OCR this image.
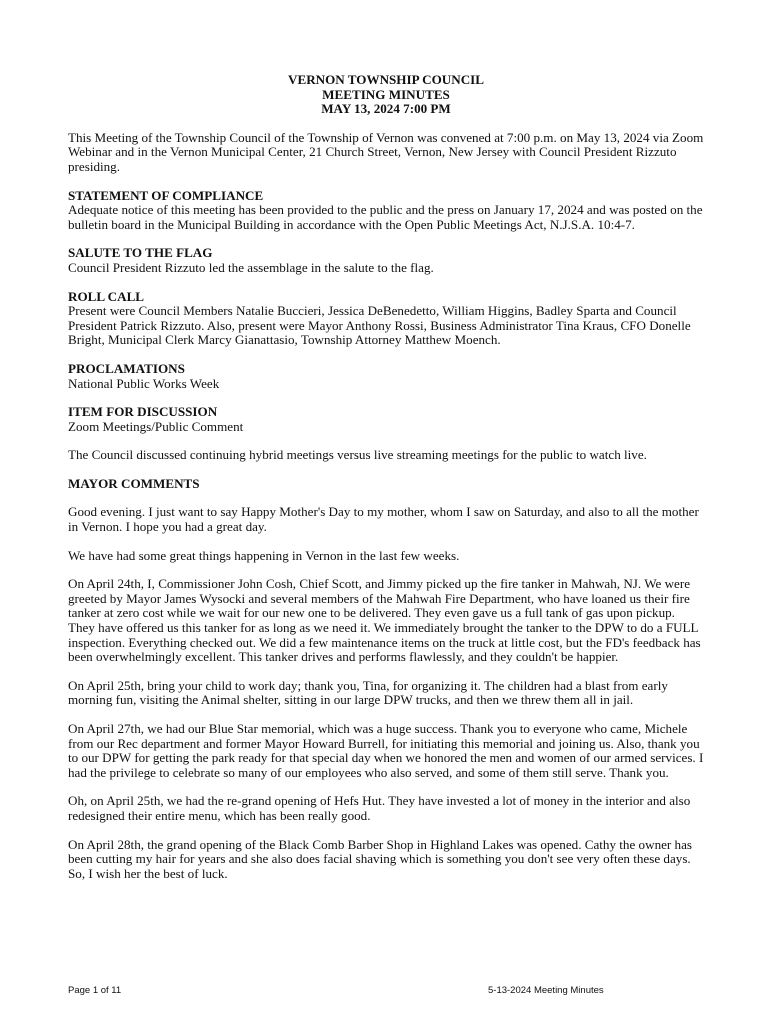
VERNON TOWNSHIP COUNCIL
MEETING MINUTES
MAY 13, 2024 7:00 PM

This Meeting of the Township Council of the Township of Vernon was convened at 7:00 p.m. on May 13, 2024 via Zoom Webinar and in the Vernon Municipal Center, 21 Church Street, Vernon, New Jersey with Council President Rizzuto presiding.

STATEMENT OF COMPLIANCE

Adequate notice of this meeting has been provided to the public and the press on January 17, 2024 and was posted on the bulletin board in the Municipal Building in accordance with the Open Public Meetings Act, N.J.S.A. 10:4-7.

SALUTE TO THE FLAG

Council President Rizzuto led the assemblage in the salute to the flag.

ROLL CALL

Present were Council Members Natalie Buccieri, Jessica DeBenedetto, William Higgins, Badley Sparta and Council President Patrick Rizzuto. Also, present were Mayor Anthony Rossi, Business Administrator Tina Kraus, CFO Donelle Bright, Municipal Clerk Marcy Gianattasio, Township Attorney Matthew Moench.

PROCLAMATIONS

National Public Works Week

ITEM FOR DISCUSSION

Zoom Meetings/Public Comment

The Council discussed continuing hybrid meetings versus live streaming meetings for the public to watch live.

MAYOR COMMENTS

Good evening. I just want to say Happy Mother's Day to my mother, whom I saw on Saturday, and also to all the mother in Vernon. I hope you had a great day.

We have had some great things happening in Vernon in the last few weeks.

On April 24th, I, Commissioner John Cosh, Chief Scott, and Jimmy picked up the fire tanker in Mahwah, NJ. We were greeted by Mayor James Wysocki and several members of the Mahwah Fire Department, who have loaned us their fire tanker at zero cost while we wait for our new one to be delivered. They even gave us a full tank of gas upon pickup. They have offered us this tanker for as long as we need it. We immediately brought the tanker to the DPW to do a FULL inspection. Everything checked out. We did a few maintenance items on the truck at little cost, but the FD's feedback has been overwhelmingly excellent. This tanker drives and performs flawlessly, and they couldn't be happier.

On April 25th, bring your child to work day; thank you, Tina, for organizing it. The children had a blast from early morning fun, visiting the Animal shelter, sitting in our large DPW trucks, and then we threw them all in jail.

On April 27th, we had our Blue Star memorial, which was a huge success. Thank you to everyone who came, Michele from our Rec department and former Mayor Howard Burrell, for initiating this memorial and joining us. Also, thank you to our DPW for getting the park ready for that special day when we honored the men and women of our armed services. I had the privilege to celebrate so many of our employees who also served, and some of them still serve. Thank you.

Oh, on April 25th, we had the re-grand opening of Hefs Hut. They have invested a lot of money in the interior and also redesigned their entire menu, which has been really good.

On April 28th, the grand opening of the Black Comb Barber Shop in Highland Lakes was opened. Cathy the owner has been cutting my hair for years and she also does facial shaving which is something you don't see very often these days. So, I wish her the best of luck.

Page 1 of 11	5-13-2024 Meeting Minutes
